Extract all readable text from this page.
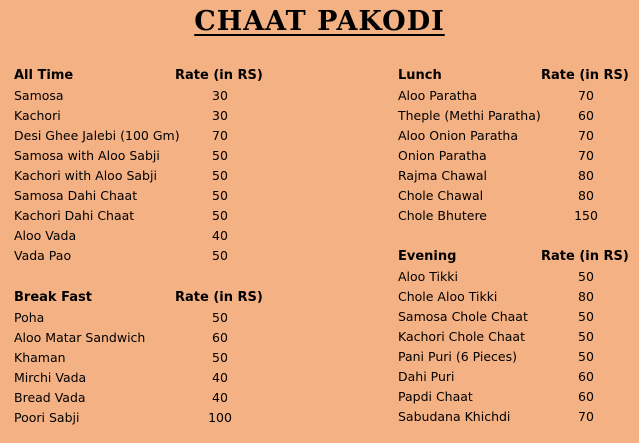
CHAAT PAKODI
All Time	Rate (in RS)
Samosa	30
Kachori	30
Desi Ghee Jalebi (100 Gm)	70
Samosa with Aloo Sabji	50
Kachori with Aloo Sabji	50
Samosa Dahi Chaat	50
Kachori Dahi Chaat	50
Aloo Vada	40
Vada Pao	50
Break Fast	Rate (in RS)
Poha	50
Aloo Matar Sandwich	60
Khaman	50
Mirchi Vada	40
Bread Vada	40
Poori Sabji	100
Lunch	Rate (in RS)
Aloo Paratha	70
Theple (Methi Paratha)	60
Aloo Onion Paratha	70
Onion Paratha	70
Rajma Chawal	80
Chole Chawal	80
Chole Bhutere	150
Evening	Rate (in RS)
Aloo Tikki	50
Chole Aloo Tikki	80
Samosa Chole Chaat	50
Kachori Chole Chaat	50
Pani Puri (6 Pieces)	50
Dahi Puri	60
Papdi Chaat	60
Sabudana Khichdi	70
